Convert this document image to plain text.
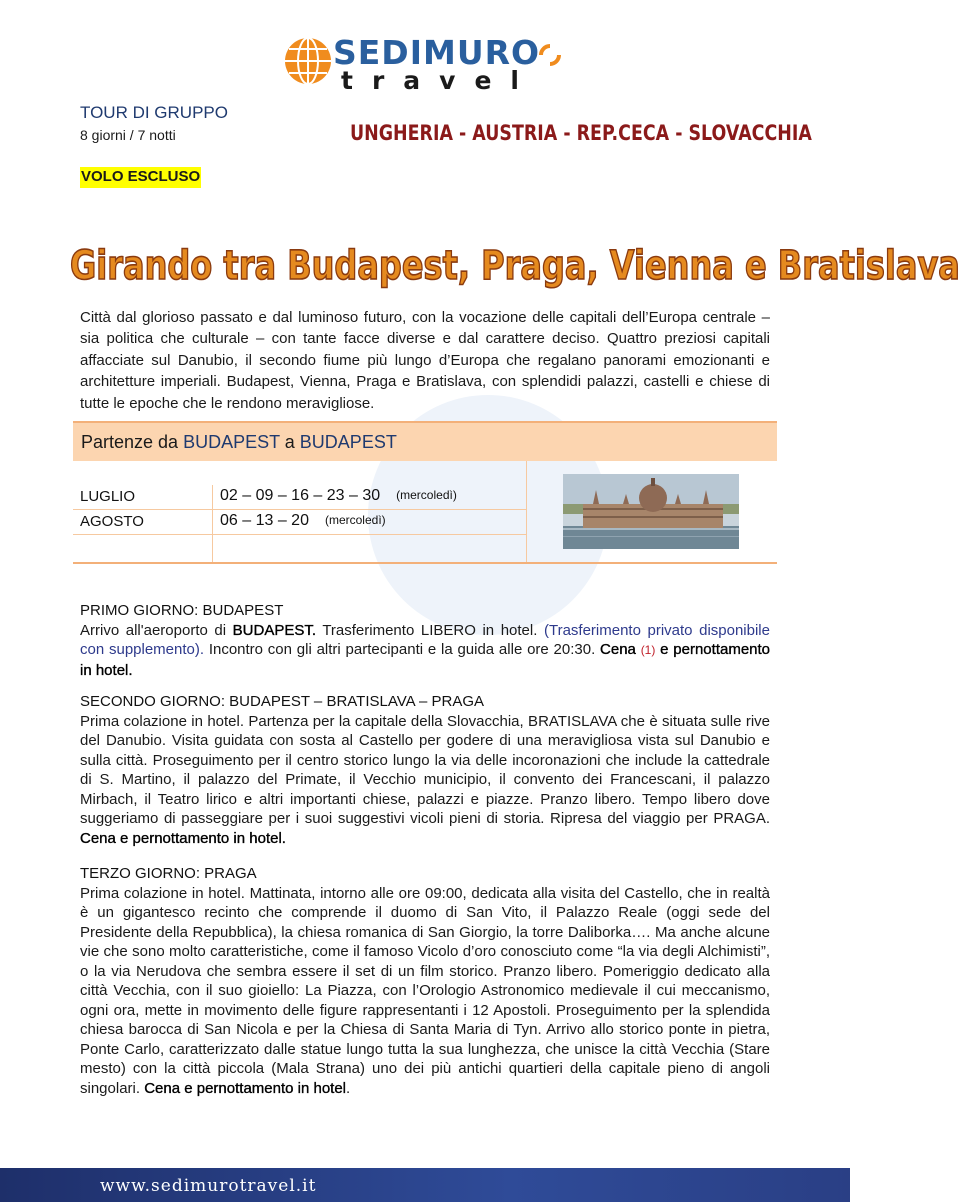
SEDIMURO
travel
TOUR DI GRUPPO
8 giorni / 7 notti
VOLO ESCLUSO
UNGHERIA - AUSTRIA - REP.CECA - SLOVACCHIA
Girando tra Budapest, Praga, Vienna e Bratislava

Città dal glorioso passato e dal luminoso futuro, con la vocazione delle capitali dell’Europa centrale – sia politica che culturale – con tante facce diverse e dal carattere deciso. Quattro preziosi capitali affacciate sul Danubio, il secondo fiume più lungo d’Europa che regalano panorami emozionanti e architetture imperiali. Budapest, Vienna, Praga e Bratislava, con splendidi palazzi, castelli e chiese di tutte le epoche che le rendono meravigliose.

Partenze da BUDAPEST a BUDAPEST
LUGLIO	02 – 09 – 16 – 23 – 30 (mercoledì)
AGOSTO	06 – 13 – 20 (mercoledì)
PRIMO GIORNO: BUDAPEST
Arrivo all'aeroporto di BUDAPEST. Trasferimento LIBERO in hotel. (Trasferimento privato disponibile con supplemento). Incontro con gli altri partecipanti e la guida alle ore 20:30. Cena (1) e pernottamento in hotel.
SECONDO GIORNO: BUDAPEST – BRATISLAVA – PRAGA
Prima colazione in hotel. Partenza per la capitale della Slovacchia, BRATISLAVA che è situata sulle rive del Danubio. Visita guidata con sosta al Castello per godere di una meravigliosa vista sul Danubio e sulla città. Proseguimento per il centro storico lungo la via delle incoronazioni che include la cattedrale di S. Martino, il palazzo del Primate, il Vecchio municipio, il convento dei Francescani, il palazzo Mirbach, il Teatro lirico e altri importanti chiese, palazzi e piazze. Pranzo libero. Tempo libero dove suggeriamo di passeggiare per i suoi suggestivi vicoli pieni di storia. Ripresa del viaggio per PRAGA. Cena e pernottamento in hotel.
TERZO GIORNO: PRAGA
Prima colazione in hotel. Mattinata, intorno alle ore 09:00, dedicata alla visita del Castello, che in realtà è un gigantesco recinto che comprende il duomo di San Vito, il Palazzo Reale (oggi sede del Presidente della Repubblica), la chiesa romanica di San Giorgio, la torre Daliborka…. Ma anche alcune vie che sono molto caratteristiche, come il famoso Vicolo d’oro conosciuto come “la via degli Alchimisti”, o la via Nerudova che sembra essere il set di un film storico. Pranzo libero. Pomeriggio dedicato alla città Vecchia, con il suo gioiello: La Piazza, con l’Orologio Astronomico medievale il cui meccanismo, ogni ora, mette in movimento delle figure rappresentanti i 12 Apostoli. Proseguimento per la splendida chiesa barocca di San Nicola e per la Chiesa di Santa Maria di Tyn. Arrivo allo storico ponte in pietra, Ponte Carlo, caratterizzato dalle statue lungo tutta la sua lunghezza, che unisce la città Vecchia (Stare mesto) con la città piccola (Mala Strana) uno dei più antichi quartieri della capitale pieno di angoli singolari. Cena e pernottamento in hotel.
www.sedimurotravel.it
